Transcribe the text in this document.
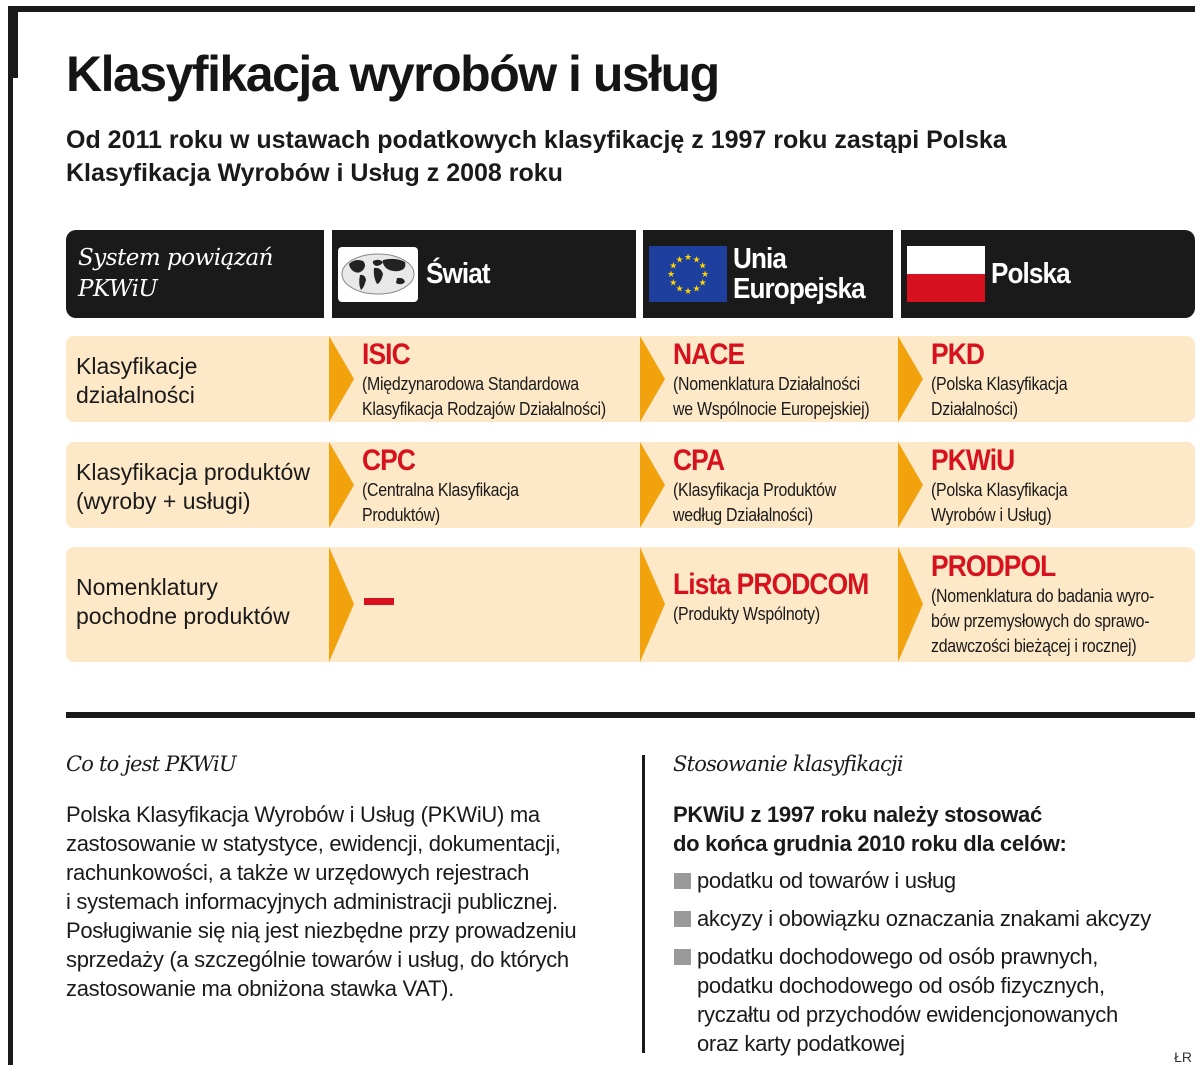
Klasyfikacja wyrobów i usług

Od 2011 roku w ustawach podatkowych klasyfikację z 1997 roku zastąpi Polska

Klasyfikacja Wyrobów i Usług z 2008 roku

System powiązań
PKWiU	Świat
★ ★
★
★
★
★
★
★
★
★
★
★ Unia
Europejska	Polska

Klasyfikacje

działalności

ISIC
(Międzynarodowa Standardowa
Klasyfikacja Rodzajów Działalności)
NACE
(Nomenklatura Działalności
we Wspólnocie Europejskiej)
PKD
(Polska Klasyfikacja
Działalności)

Klasyfikacja produktów

(wyroby + usługi)

CPC
(Centralna Klasyfikacja
Produktów)
CPA
(Klasyfikacja Produktów
według Działalności)
PKWiU
(Polska Klasyfikacja
Wyrobów i Usług)

Nomenklatury

pochodne produktów

Lista PRODCOM
(Produkty Wspólnoty)
PRODPOL
(Nomenklatura do badania wyro-
bów przemysłowych do sprawo-
zdawczości bieżącej i rocznej)
Co to jest PKWiU

Polska Klasyfikacja Wyrobów i Usług (PKWiU) ma

zastosowanie w statystyce, ewidencji, dokumentacji,

rachunkowości, a także w urzędowych rejestrach

i systemach informacyjnych administracji publicznej.

Posługiwanie się nią jest niezbędne przy prowadzeniu

sprzedaży (a szczególnie towarów i usług, do których

zastosowanie ma obniżona stawka VAT).

Stosowanie klasyfikacji

PKWiU z 1997 roku należy stosować

do końca grudnia 2010 roku dla celów:

podatku od towarów i usług

akcyzy i obowiązku oznaczania znakami akcyzy

podatku dochodowego od osób prawnych,

podatku dochodowego od osób fizycznych,

ryczałtu od przychodów ewidencjonowanych

oraz karty podatkowej

ŁR
